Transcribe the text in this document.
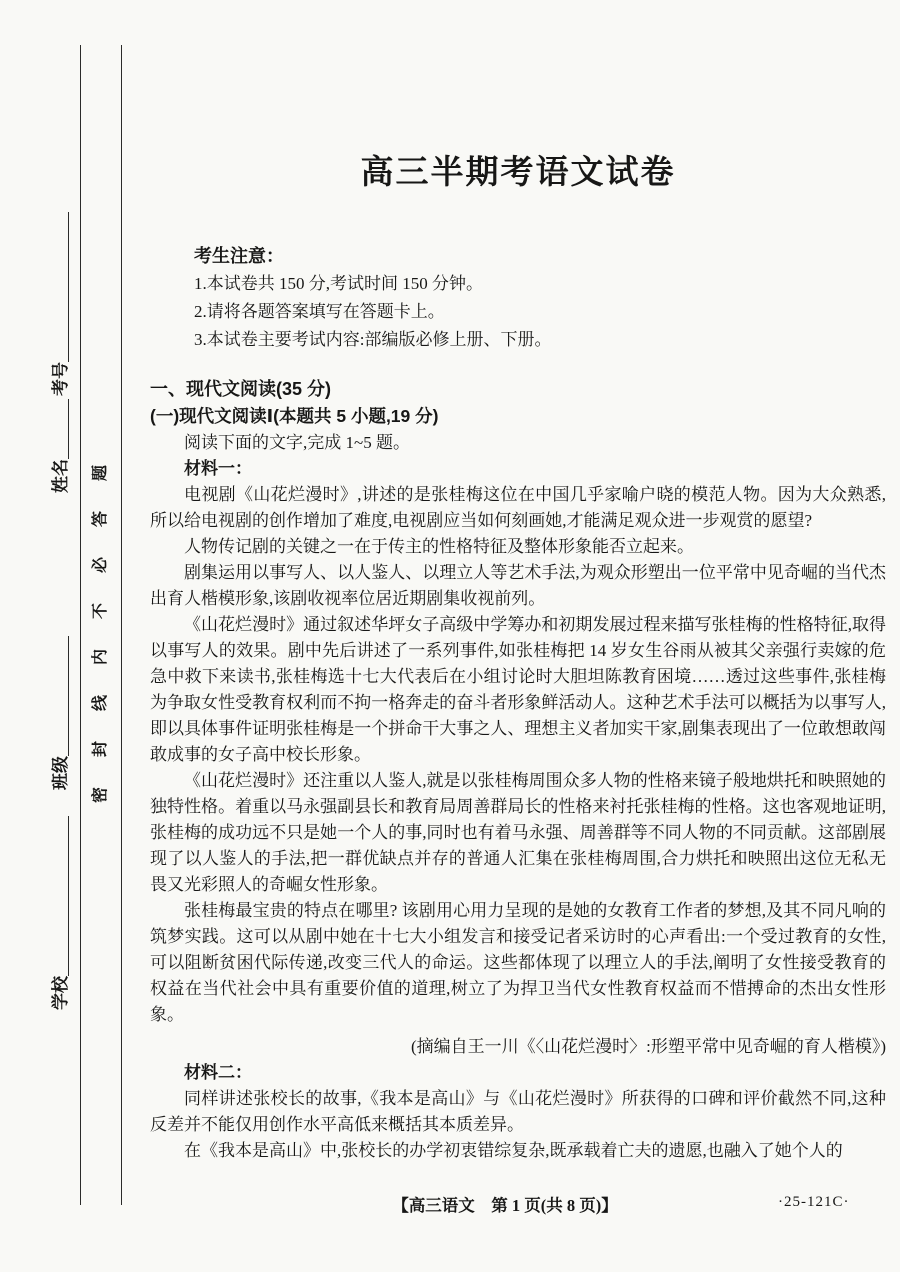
学校
班级
姓名
考号
密封线内不必答题
高三半期考语文试卷
考生注意：
1.本试卷共 150 分,考试时间 150 分钟。
2.请将各题答案填写在答题卡上。
3.本试卷主要考试内容:部编版必修上册、下册。
一、现代文阅读(35 分)
(一)现代文阅读Ⅰ(本题共 5 小题,19 分)
阅读下面的文字,完成 1~5 题。
材料一：

电视剧《山花烂漫时》,讲述的是张桂梅这位在中国几乎家喻户晓的模范人物。因为大众熟悉,所以给电视剧的创作增加了难度,电视剧应当如何刻画她,才能满足观众进一步观赏的愿望?

人物传记剧的关键之一在于传主的性格特征及整体形象能否立起来。

剧集运用以事写人、以人鉴人、以理立人等艺术手法,为观众形塑出一位平常中见奇崛的当代杰出育人楷模形象,该剧收视率位居近期剧集收视前列。

《山花烂漫时》通过叙述华坪女子高级中学筹办和初期发展过程来描写张桂梅的性格特征,取得以事写人的效果。剧中先后讲述了一系列事件,如张桂梅把 14 岁女生谷雨从被其父亲强行卖嫁的危急中救下来读书,张桂梅选十七大代表后在小组讨论时大胆坦陈教育困境……透过这些事件,张桂梅为争取女性受教育权利而不拘一格奔走的奋斗者形象鲜活动人。这种艺术手法可以概括为以事写人,即以具体事件证明张桂梅是一个拼命干大事之人、理想主义者加实干家,剧集表现出了一位敢想敢闯敢成事的女子高中校长形象。

《山花烂漫时》还注重以人鉴人,就是以张桂梅周围众多人物的性格来镜子般地烘托和映照她的独特性格。着重以马永强副县长和教育局周善群局长的性格来衬托张桂梅的性格。这也客观地证明,张桂梅的成功远不只是她一个人的事,同时也有着马永强、周善群等不同人物的不同贡献。这部剧展现了以人鉴人的手法,把一群优缺点并存的普通人汇集在张桂梅周围,合力烘托和映照出这位无私无畏又光彩照人的奇崛女性形象。

张桂梅最宝贵的特点在哪里? 该剧用心用力呈现的是她的女教育工作者的梦想,及其不同凡响的筑梦实践。这可以从剧中她在十七大小组发言和接受记者采访时的心声看出:一个受过教育的女性,可以阻断贫困代际传递,改变三代人的命运。这些都体现了以理立人的手法,阐明了女性接受教育的权益在当代社会中具有重要价值的道理,树立了为捍卫当代女性教育权益而不惜搏命的杰出女性形象。

(摘编自王一川《〈山花烂漫时〉:形塑平常中见奇崛的育人楷模》)
材料二：

同样讲述张校长的故事,《我本是高山》与《山花烂漫时》所获得的口碑和评价截然不同,这种反差并不能仅用创作水平高低来概括其本质差异。

在《我本是高山》中,张校长的办学初衷错综复杂,既承载着亡夫的遗愿,也融入了她个人的

【高三语文　第 1 页(共 8 页)】	·25-121C·
